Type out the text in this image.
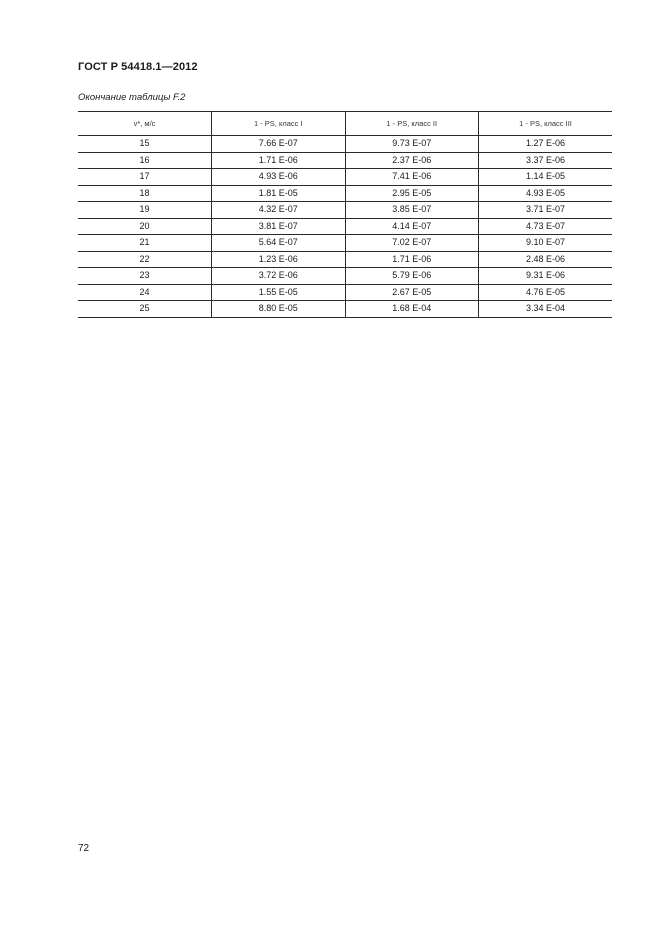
ГОСТ Р 54418.1—2012
Окончание таблицы F.2
v*, м/с	1 - PS, класс I	1 - PS, класс II	1 - PS, класс III
15	7.66 E-07	9.73 E-07	1.27 E-06
16	1.71 E-06	2.37 E-06	3.37 E-06
17	4.93 E-06	7.41 E-06	1.14 E-05
18	1.81 E-05	2.95 E-05	4.93 E-05
19	4.32 E-07	3.85 E-07	3.71 E-07
20	3.81 E-07	4.14 E-07	4.73 E-07
21	5.64 E-07	7.02 E-07	9.10 E-07
22	1.23 E-06	1.71 E-06	2.48 E-06
23	3.72 E-06	5.79 E-06	9.31 E-06
24	1.55 E-05	2.67 E-05	4.76 E-05
25	8.80 E-05	1.68 E-04	3.34 E-04
72
